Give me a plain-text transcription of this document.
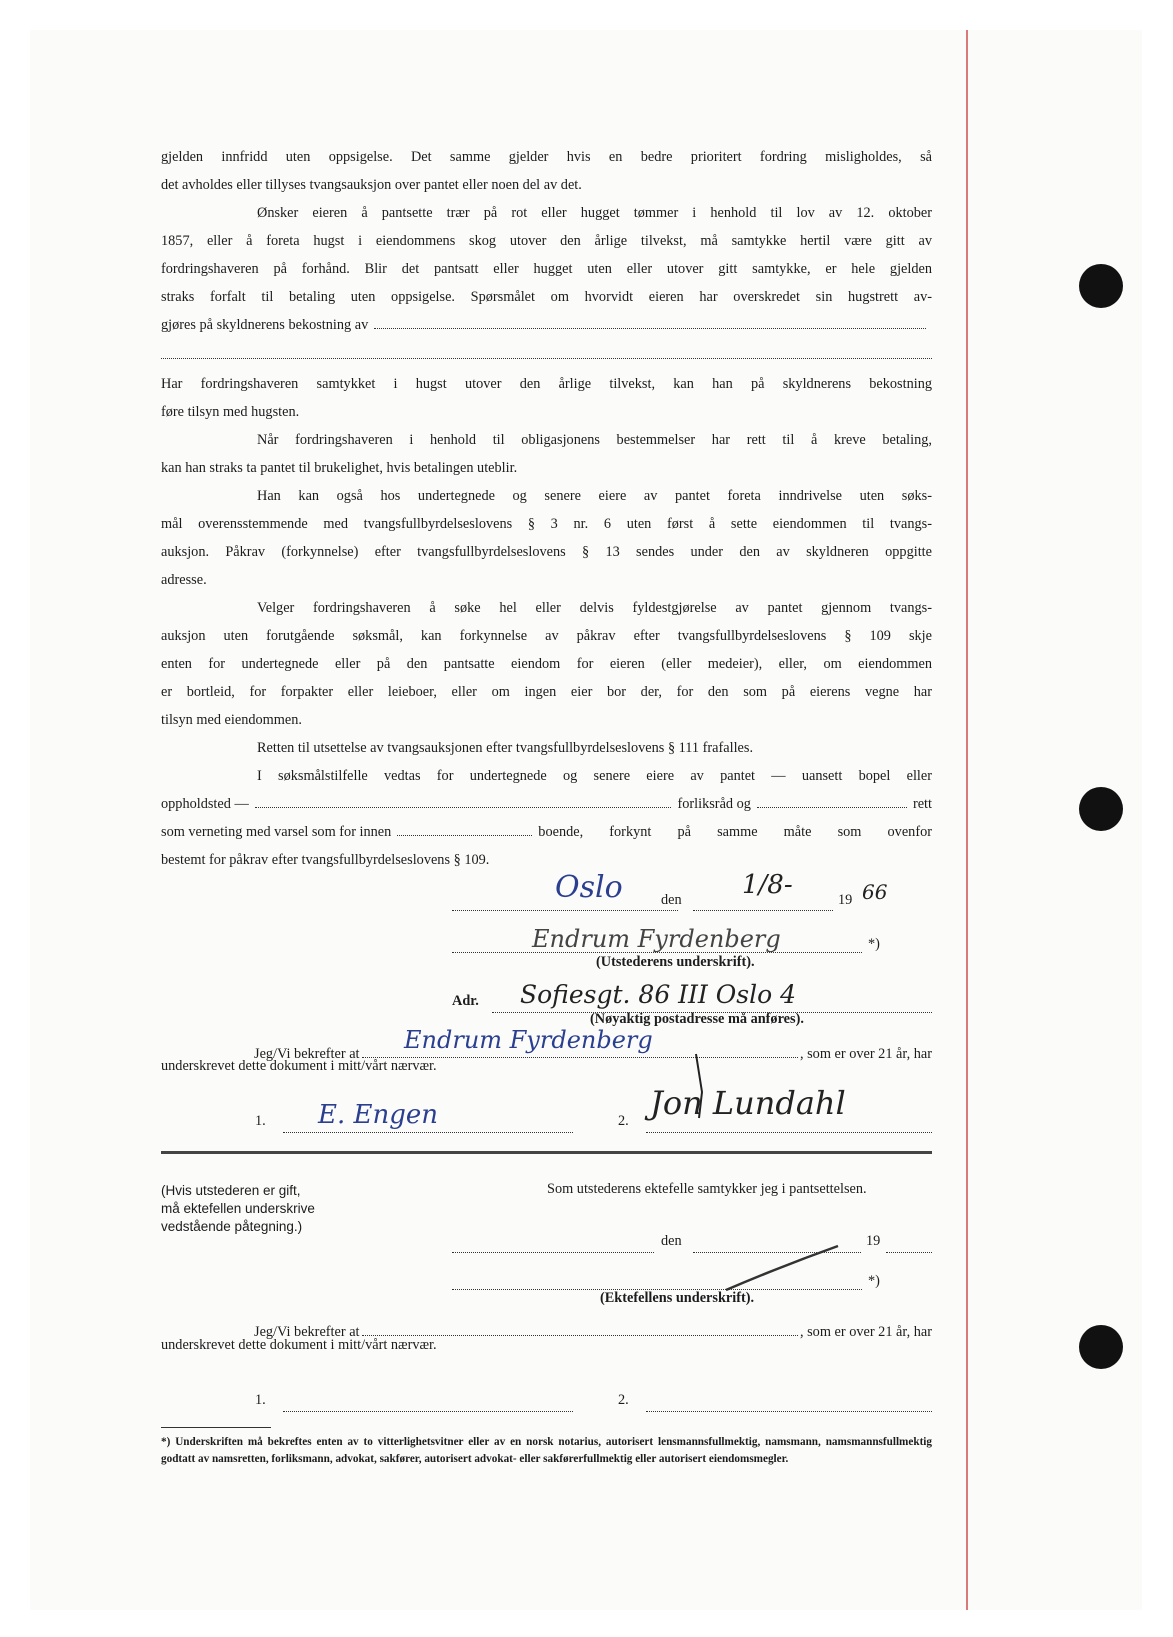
gjelden innfridd uten oppsigelse. Det samme gjelder hvis en bedre prioritert fordring misligholdes, så
det avholdes eller tillyses tvangsauksjon over pantet eller noen del av det.
Ønsker eieren å pantsette trær på rot eller hugget tømmer i henhold til lov av 12. oktober
1857, eller å foreta hugst i eiendommens skog utover den årlige tilvekst, må samtykke hertil være gitt av
fordringshaveren på forhånd. Blir det pantsatt eller hugget uten eller utover gitt samtykke, er hele gjelden
straks forfalt til betaling uten oppsigelse. Spørsmålet om hvorvidt eieren har overskredet sin hugstrett av-
gjøres på skyldnerens bekostning av
Har fordringshaveren samtykket i hugst utover den årlige tilvekst, kan han på skyldnerens bekostning
føre tilsyn med hugsten.
Når fordringshaveren i henhold til obligasjonens bestemmelser har rett til å kreve betaling,
kan han straks ta pantet til brukelighet, hvis betalingen uteblir.
Han kan også hos undertegnede og senere eiere av pantet foreta inndrivelse uten søks-
mål overensstemmende med tvangsfullbyrdelseslovens § 3 nr. 6 uten først å sette eiendommen til tvangs-
auksjon. Påkrav (forkynnelse) efter tvangsfullbyrdelseslovens § 13 sendes under den av skyldneren oppgitte
adresse.
Velger fordringshaveren å søke hel eller delvis fyldestgjørelse av pantet gjennom tvangs-
auksjon uten forutgående søksmål, kan forkynnelse av påkrav efter tvangsfullbyrdelseslovens § 109 skje
enten for undertegnede eller på den pantsatte eiendom for eieren (eller medeier), eller, om eiendommen
er bortleid, for forpakter eller leieboer, eller om ingen eier bor der, for den som på eierens vegne har
tilsyn med eiendommen.
Retten til utsettelse av tvangsauksjonen efter tvangsfullbyrdelseslovens § 111 frafalles.
I søksmålstilfelle vedtas for undertegnede og senere eiere av pantet — uansett bopel eller
oppholdsted —	forliksråd og	rett
som verneting med varsel som for innen	boende, forkynt på samme måte som ovenfor
bestemt for påkrav efter tvangsfullbyrdelseslovens § 109.
Oslo	den 1/8-	19 66
Endrum Fyrdenberg	*)
(Utstederens underskrift).
Adr. Sofiesgt. 86 III Oslo 4
(Nøyaktig postadresse må anføres).
Jeg/Vi bekrefter at	, som er over 21 år, har
Endrum Fyrdenberg
underskrevet dette dokument i mitt/vårt nærvær.
1. E. Engen	2. Jon Lundahl
(Hvis utstederen er gift,
må ektefellen underskrive
vedstående påtegning.)
Som utstederens ektefelle samtykker jeg i pantsettelsen.
den	19
*)
(Ektefellens underskrift).
Jeg/Vi bekrefter at	, som er over 21 år, har
underskrevet dette dokument i mitt/vårt nærvær.
1.	2.
*) Underskriften må bekreftes enten av to vitterlighetsvitner eller av en norsk notarius, autorisert lensmannsfullmektig, namsmann, namsmannsfullmektig godtatt av namsretten, forliksmann, advokat, sakfører, autorisert advokat- eller sakførerfullmektig eller autorisert eiendomsmegler.
